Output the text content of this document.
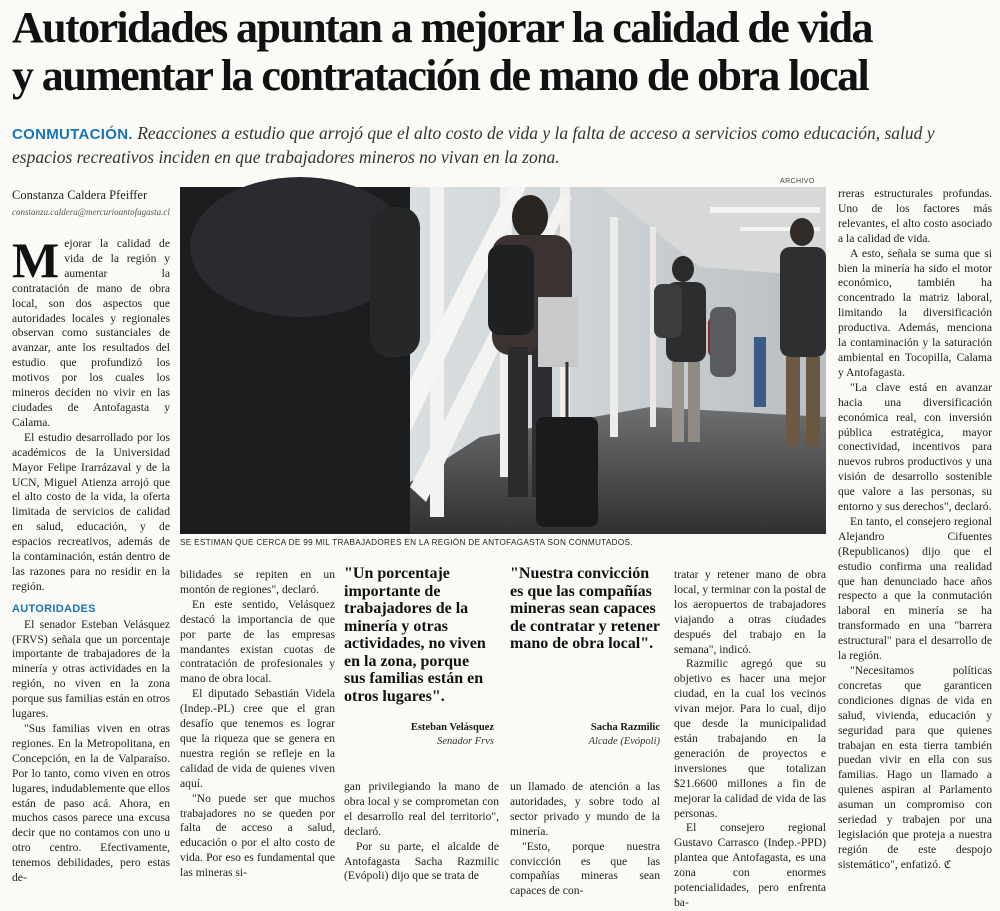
Autoridades apuntan a mejorar la calidad de vida
y aumentar la contratación de mano de obra local
CONMUTACIÓN. Reacciones a estudio que arrojó que el alto costo de vida y la falta de acceso a servicios como educación, salud y espacios recreativos inciden en que trabajadores mineros no vivan en la zona.
Constanza Caldera Pfeiffer
constanza.caldera@mercurioantofagasta.cl

Mejorar la calidad de vida de la región y aumentar la contratación de mano de obra local, son dos aspectos que autoridades locales y regionales observan como sustanciales de avanzar, ante los resultados del estudio que profundizó los motivos por los cuales los mineros deciden no vivir en las ciudades de Antofagasta y Calama.

El estudio desarrollado por los académicos de la Universidad Mayor Felipe Irarrázaval y de la UCN, Miguel Atienza arrojó que el alto costo de la vida, la oferta limitada de servicios de calidad en salud, educación, y de espacios recreativos, además de la contaminación, están dentro de las razones para no residir en la región.

AUTORIDADES

El senador Esteban Velásquez (FRVS) señala que un porcentaje importante de trabajadores de la minería y otras actividades en la región, no viven en la zona porque sus familias están en otros lugares.

"Sus familias viven en otras regiones. En la Metropolitana, en Concepción, en la de Valparaíso. Por lo tanto, como viven en otros lugares, indudablemente que ellos están de paso acá. Ahora, en muchos casos parece una excusa decir que no contamos con uno u otro centro. Efectivamente, tenemos debilidades, pero estas de-

ARCHIVO
SE ESTIMAN QUE CERCA DE 99 MIL TRABAJADORES EN LA REGIÓN DE ANTOFAGASTA SON CONMUTADOS.

bilidades se repiten en un montón de regiones", declaró.

En este sentido, Velásquez destacó la importancia de que por parte de las empresas mandantes existan cuotas de contratación de profesionales y mano de obra local.

El diputado Sebastián Videla (Indep.-PL) cree que el gran desafío que tenemos es lograr que la riqueza que se genera en nuestra región se refleje en la calidad de vida de quienes viven aquí.

"No puede ser que muchos trabajadores no se queden por falta de acceso a salud, educación o por el alto costo de vida. Por eso es fundamental que las mineras si-

"Un porcentaje importante de trabajadores de la minería y otras actividades, no viven en la zona, porque sus familias están en otros lugares".
Esteban Velásquez
Senador Frvs

gan privilegiando la mano de obra local y se comprometan con el desarrollo real del territorio", declaró.

Por su parte, el alcalde de Antofagasta Sacha Razmilic (Evópoli) dijo que se trata de

"Nuestra convicción es que las compañías mineras sean capaces de contratar y retener mano de obra local".
Sacha Razmilic
Alcade (Evópoli)

un llamado de atención a las autoridades, y sobre todo al sector privado y mundo de la minería.

"Esto, porque nuestra convicción es que las compañías mineras sean capaces de con-

tratar y retener mano de obra local, y terminar con la postal de los aeropuertos de trabajadores viajando a otras ciudades después del trabajo en la semana", indicó.

Razmilic agregó que su objetivo es hacer una mejor ciudad, en la cual los vecinos vivan mejor. Para lo cual, dijo que desde la municipalidad están trabajando en la generación de proyectos e inversiones que totalizan $21.6600 millones a fin de mejorar la calidad de vida de las personas.

El consejero regional Gustavo Carrasco (Indep.-PPD) plantea que Antofagasta, es una zona con enormes potencialidades, pero enfrenta ba-

rreras estructurales profundas. Uno de los factores más relevantes, el alto costo asociado a la calidad de vida.

A esto, señala se suma que si bien la minería ha sido el motor económico, también ha concentrado la matriz laboral, limitando la diversificación productiva. Además, menciona la contaminación y la saturación ambiental en Tocopilla, Calama y Antofagasta.

"La clave está en avanzar hacia una diversificación económica real, con inversión pública estratégica, mayor conectividad, incentivos para nuevos rubros productivos y una visión de desarrollo sostenible que valore a las personas, su entorno y sus derechos", declaró.

En tanto, el consejero regional Alejandro Cifuentes (Republicanos) dijo que el estudio confirma una realidad que han denunciado hace años respecto a que la conmutación laboral en minería se ha transformado en una "barrera estructural" para el desarrollo de la región.

"Necesitamos políticas concretas que garanticen condiciones dignas de vida en salud, vivienda, educación y seguridad para que quienes trabajan en esta tierra también puedan vivir en ella con sus familias. Hago un llamado a quienes aspiran al Parlamento asuman un compromiso con seriedad y trabajen por una legislación que proteja a nuestra región de este despojo sistemático", enfatizó. ℭ
